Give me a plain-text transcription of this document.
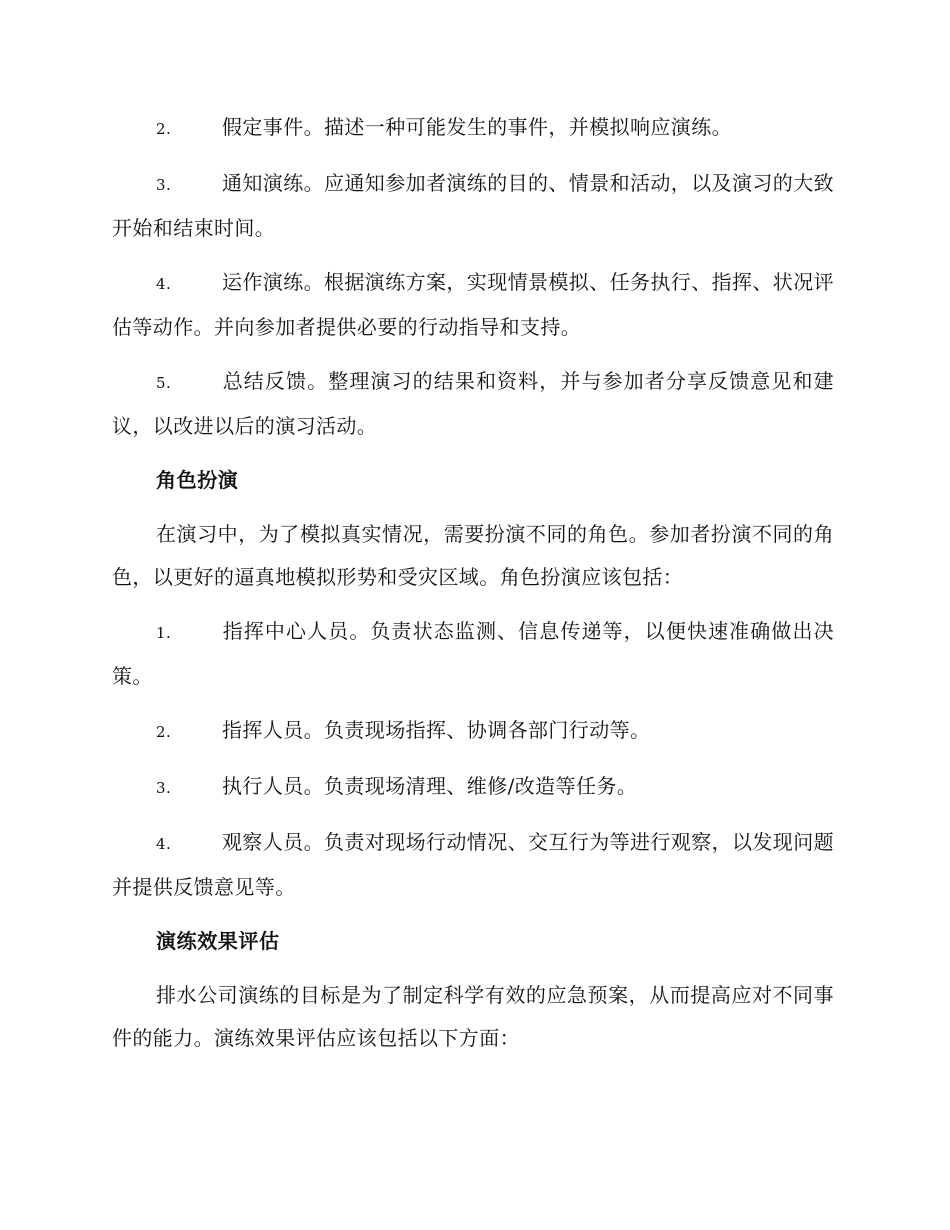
2.	假定事件。描述一种可能发生的事件，并模拟响应演练。
3.	通知演练。应通知参加者演练的目的、情景和活动，以及演习的大致开始和结束时间。
4.	运作演练。根据演练方案，实现情景模拟、任务执行、指挥、状况评估等动作。并向参加者提供必要的行动指导和支持。
5.	总结反馈。整理演习的结果和资料，并与参加者分享反馈意见和建议，以改进以后的演习活动。
角色扮演
在演习中，为了模拟真实情况，需要扮演不同的角色。参加者扮演不同的角色，以更好的逼真地模拟形势和受灾区域。角色扮演应该包括：
1.	指挥中心人员。负责状态监测、信息传递等，以便快速准确做出决策。
2.	指挥人员。负责现场指挥、协调各部门行动等。
3.	执行人员。负责现场清理、维修/改造等任务。
4.	观察人员。负责对现场行动情况、交互行为等进行观察，以发现问题并提供反馈意见等。
演练效果评估
排水公司演练的目标是为了制定科学有效的应急预案，从而提高应对不同事件的能力。演练效果评估应该包括以下方面：
